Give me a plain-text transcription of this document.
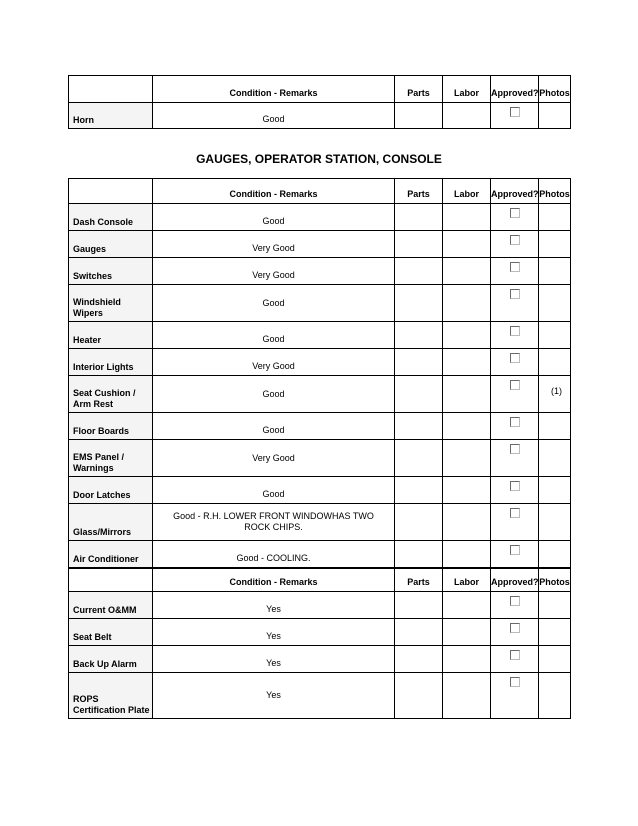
	Condition - Remarks	Parts	Labor	Approved?	Photos
Horn	Good				
GAUGES, OPERATOR STATION, CONSOLE
	Condition - Remarks	Parts	Labor	Approved?	Photos
Dash Console	Good				
Gauges	Very Good				
Switches	Very Good				
Windshield Wipers	Good				
Heater	Good				
Interior Lights	Very Good				
Seat Cushion / Arm Rest	Good				(1)
Floor Boards	Good				
EMS Panel / Warnings	Very Good				
Door Latches	Good				
Glass/Mirrors	Good - R.H. LOWER FRONT WINDOWHAS TWO ROCK CHIPS.				
Air Conditioner	Good - COOLING.				
	Condition - Remarks	Parts	Labor	Approved?	Photos
Current O&MM	Yes				
Seat Belt	Yes				
Back Up Alarm	Yes				
ROPS Certification Plate	Yes				
